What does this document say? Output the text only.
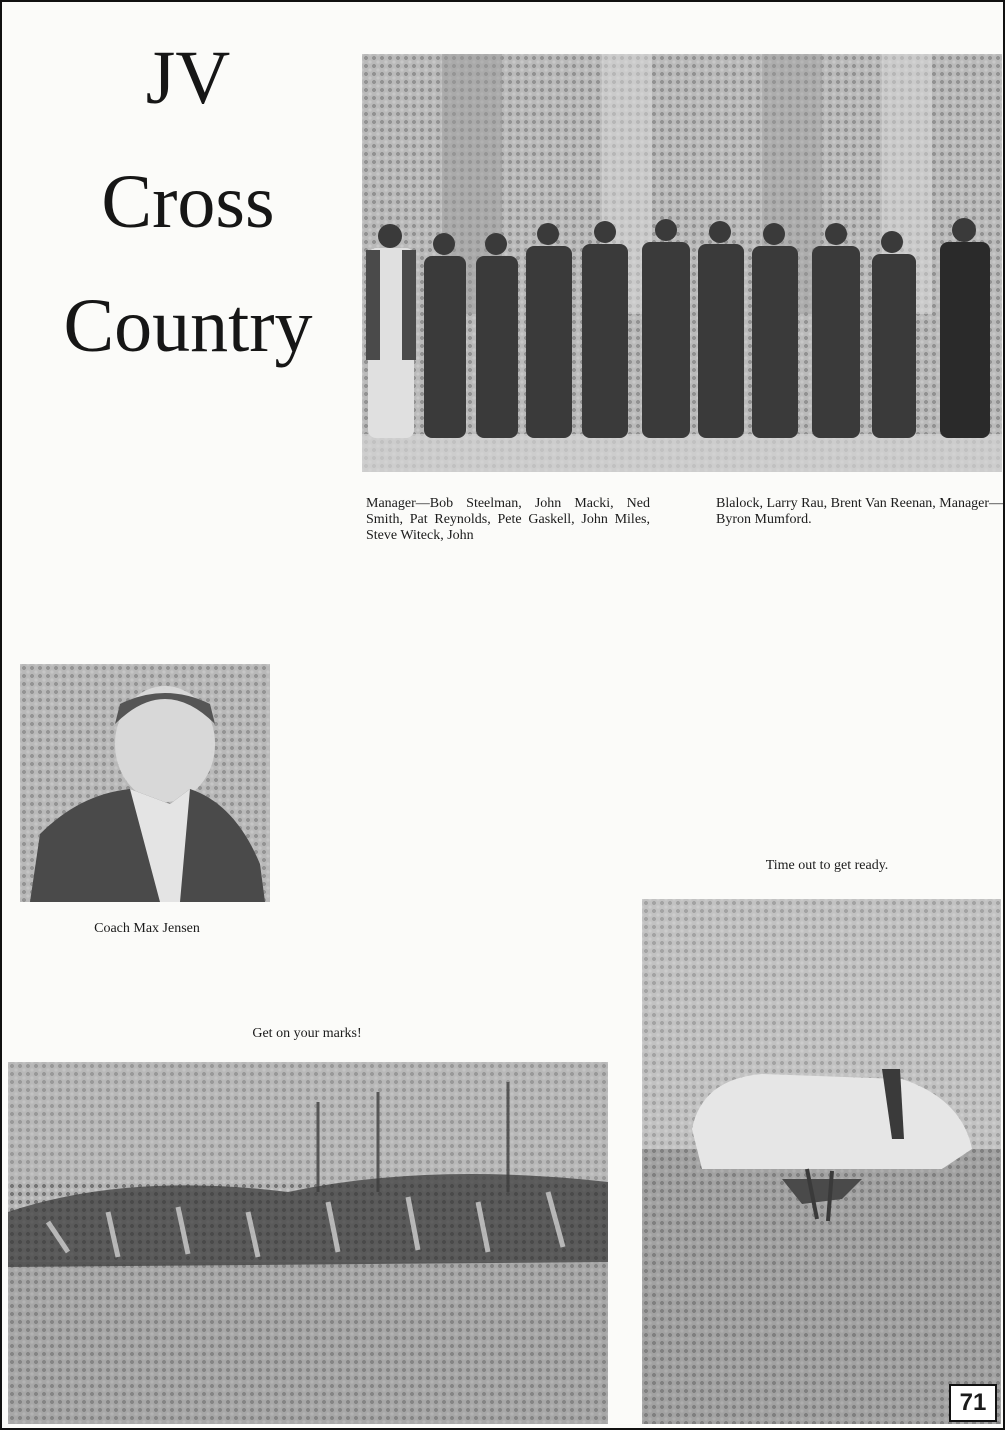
JV
Cross
Country
Manager—Bob Steelman, John Macki, Ned Smith, Pat Reynolds, Pete Gaskell, John Miles, Steve Witeck, John
Blalock, Larry Rau, Brent Van Reenan, Manager—Byron Mumford.
Coach Max Jensen
Get on your marks!
Time out to get ready.
71
